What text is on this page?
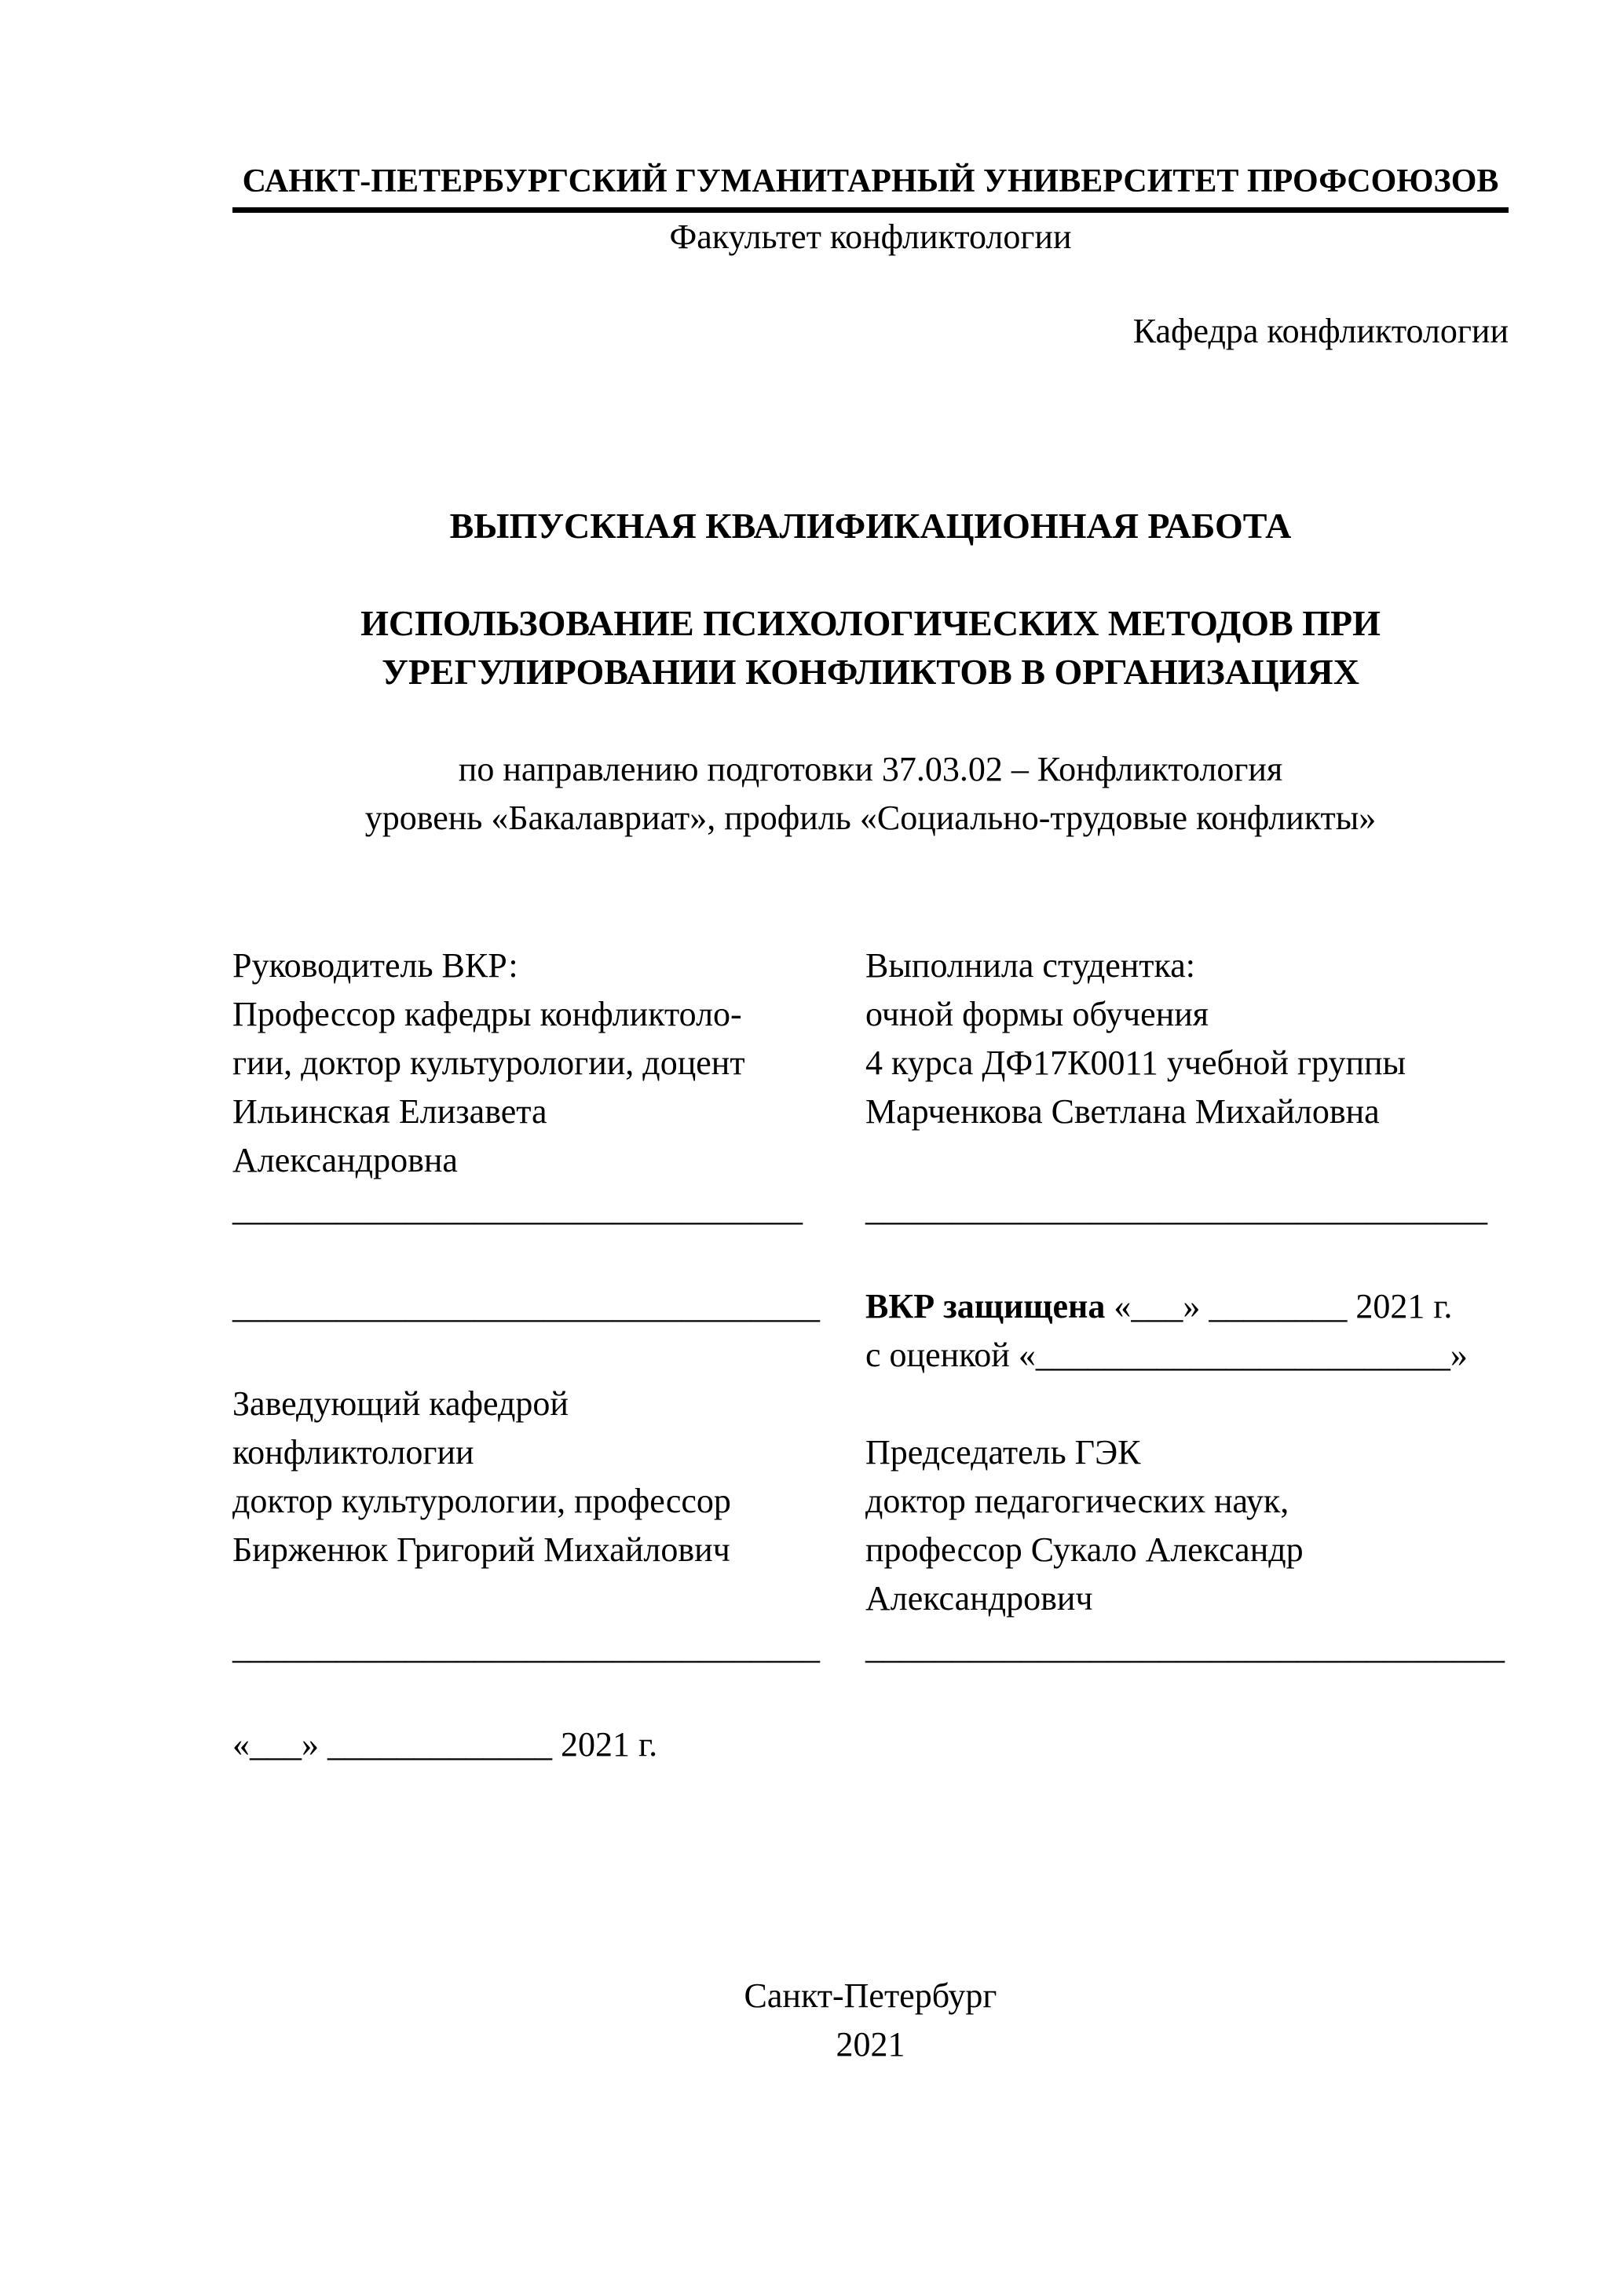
САНКТ-ПЕТЕРБУРГСКИЙ ГУМАНИТАРНЫЙ УНИВЕРСИТЕТ ПРОФСОЮЗОВ
Факультет конфликтологии
Кафедра конфликтологии
ВЫПУСКНАЯ КВАЛИФИКАЦИОННАЯ РАБОТА
ИСПОЛЬЗОВАНИЕ ПСИХОЛОГИЧЕСКИХ МЕТОДОВ ПРИ
УРЕГУЛИРОВАНИИ КОНФЛИКТОВ В ОРГАНИЗАЦИЯХ
по направлению подготовки 37.03.02 – Конфликтология
уровень «Бакалавриат», профиль «Социально-трудовые конфликты»
Руководитель ВКР:
Профессор кафедры конфликтоло-
гии, доктор культурологии, доцент
Ильинская Елизавета
Александровна
_________________________________
__________________________________
Заведующий кафедрой
конфликтологии
доктор культурологии, профессор
Бирженюк Григорий Михайлович
__________________________________
«___» _____________ 2021 г.
Выполнила студентка:
очной формы обучения
4 курса ДФ17К0011 учебной группы
Марченкова Светлана Михайловна
____________________________________
ВКР защищена «___» ________ 2021 г.
с оценкой «________________________»
Председатель ГЭК
доктор педагогических наук,
профессор Сукало Александр
Александрович
_____________________________________
Санкт-Петербург
2021
